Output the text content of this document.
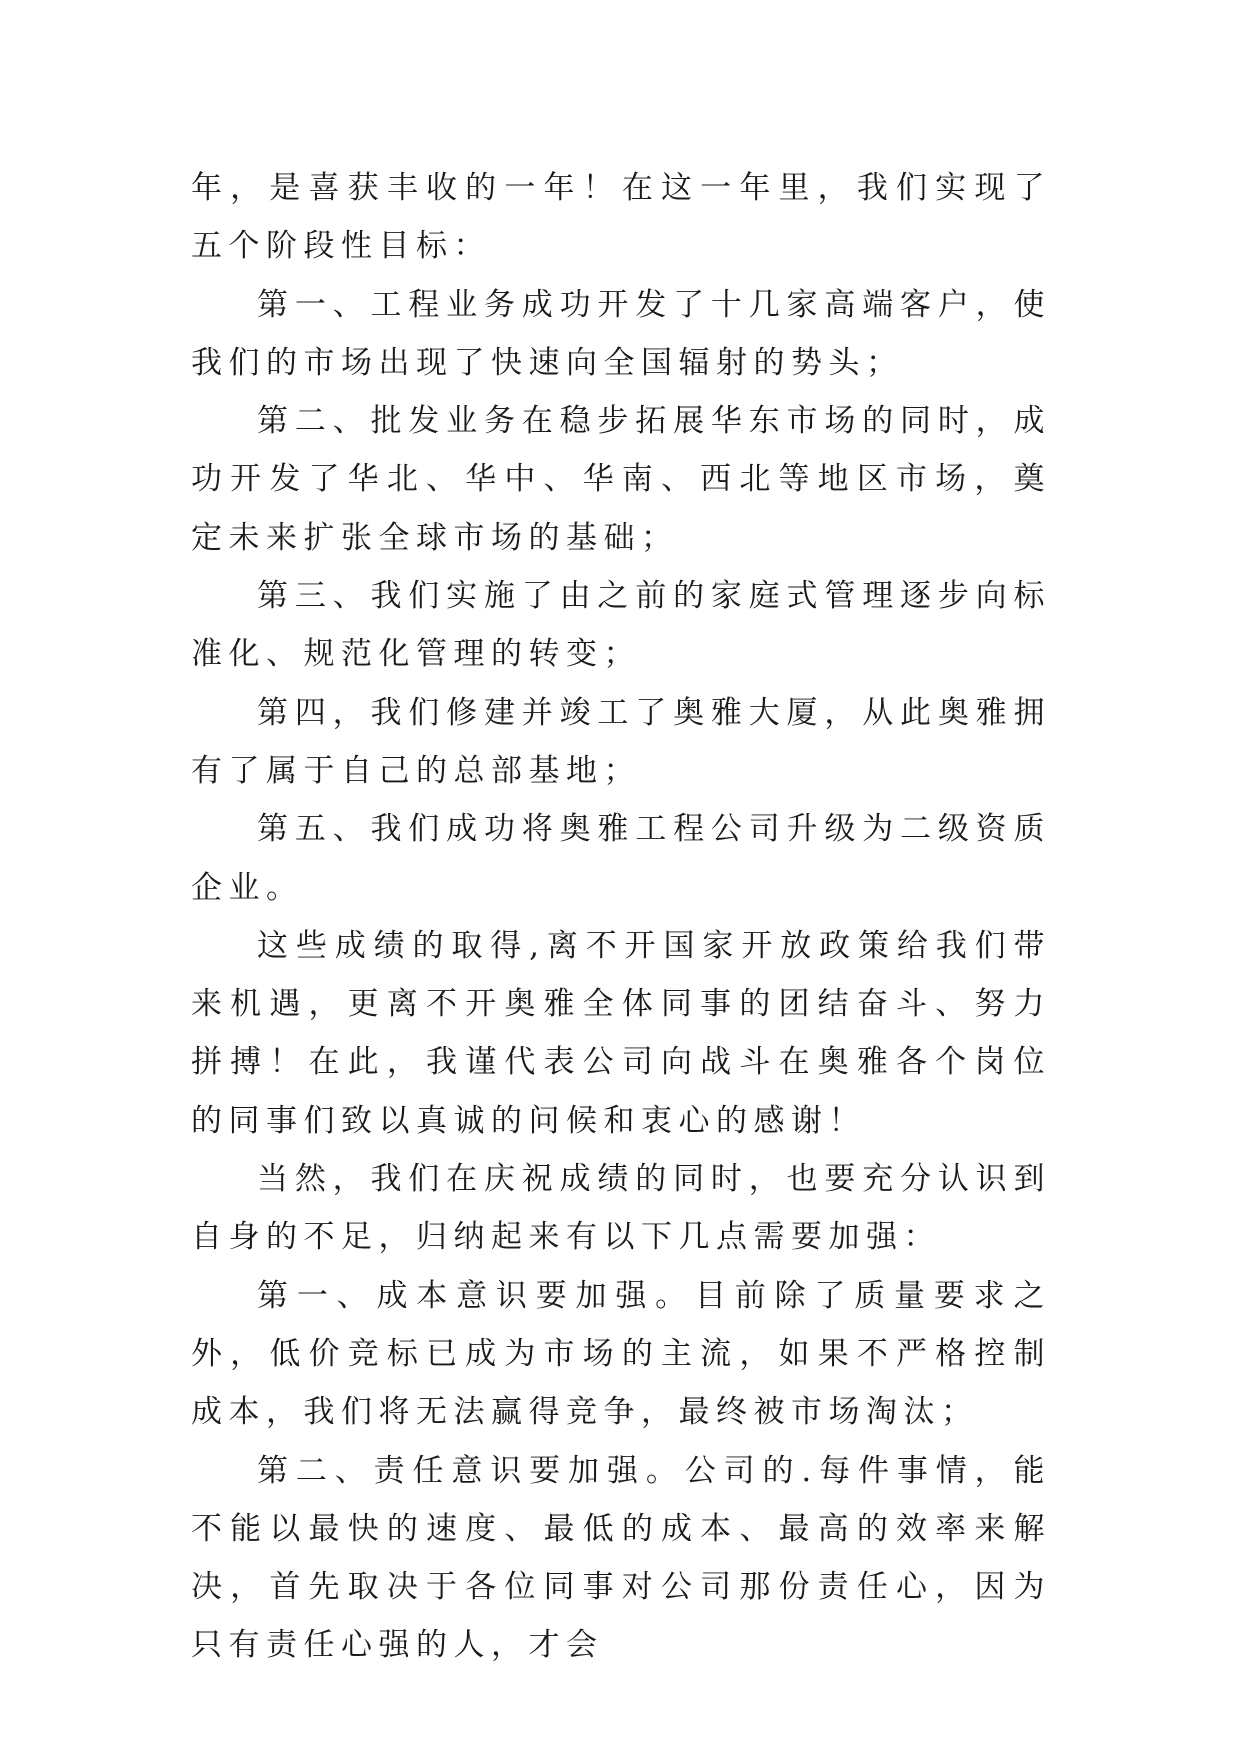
年，是喜获丰收的一年！在这一年里，我们实现了五个阶段性目标：

第一、工程业务成功开发了十几家高端客户，使我们的市场出现了快速向全国辐射的势头；

第二、批发业务在稳步拓展华东市场的同时，成功开发了华北、华中、华南、西北等地区市场，奠定未来扩张全球市场的基础；

第三、我们实施了由之前的家庭式管理逐步向标准化、规范化管理的转变；

第四，我们修建并竣工了奥雅大厦，从此奥雅拥有了属于自己的总部基地；

第五、我们成功将奥雅工程公司升级为二级资质企业。

这些成绩的取得,离不开国家开放政策给我们带来机遇，更离不开奥雅全体同事的团结奋斗、努力拼搏！在此，我谨代表公司向战斗在奥雅各个岗位的同事们致以真诚的问候和衷心的感谢！

当然，我们在庆祝成绩的同时，也要充分认识到自身的不足，归纳起来有以下几点需要加强：

第一、成本意识要加强。目前除了质量要求之外，低价竞标已成为市场的主流，如果不严格控制成本，我们将无法赢得竞争，最终被市场淘汰；

第二、责任意识要加强。公司的.每件事情，能不能以最快的速度、最低的成本、最高的效率来解决，首先取决于各位同事对公司那份责任心，因为只有责任心强的人，才会
